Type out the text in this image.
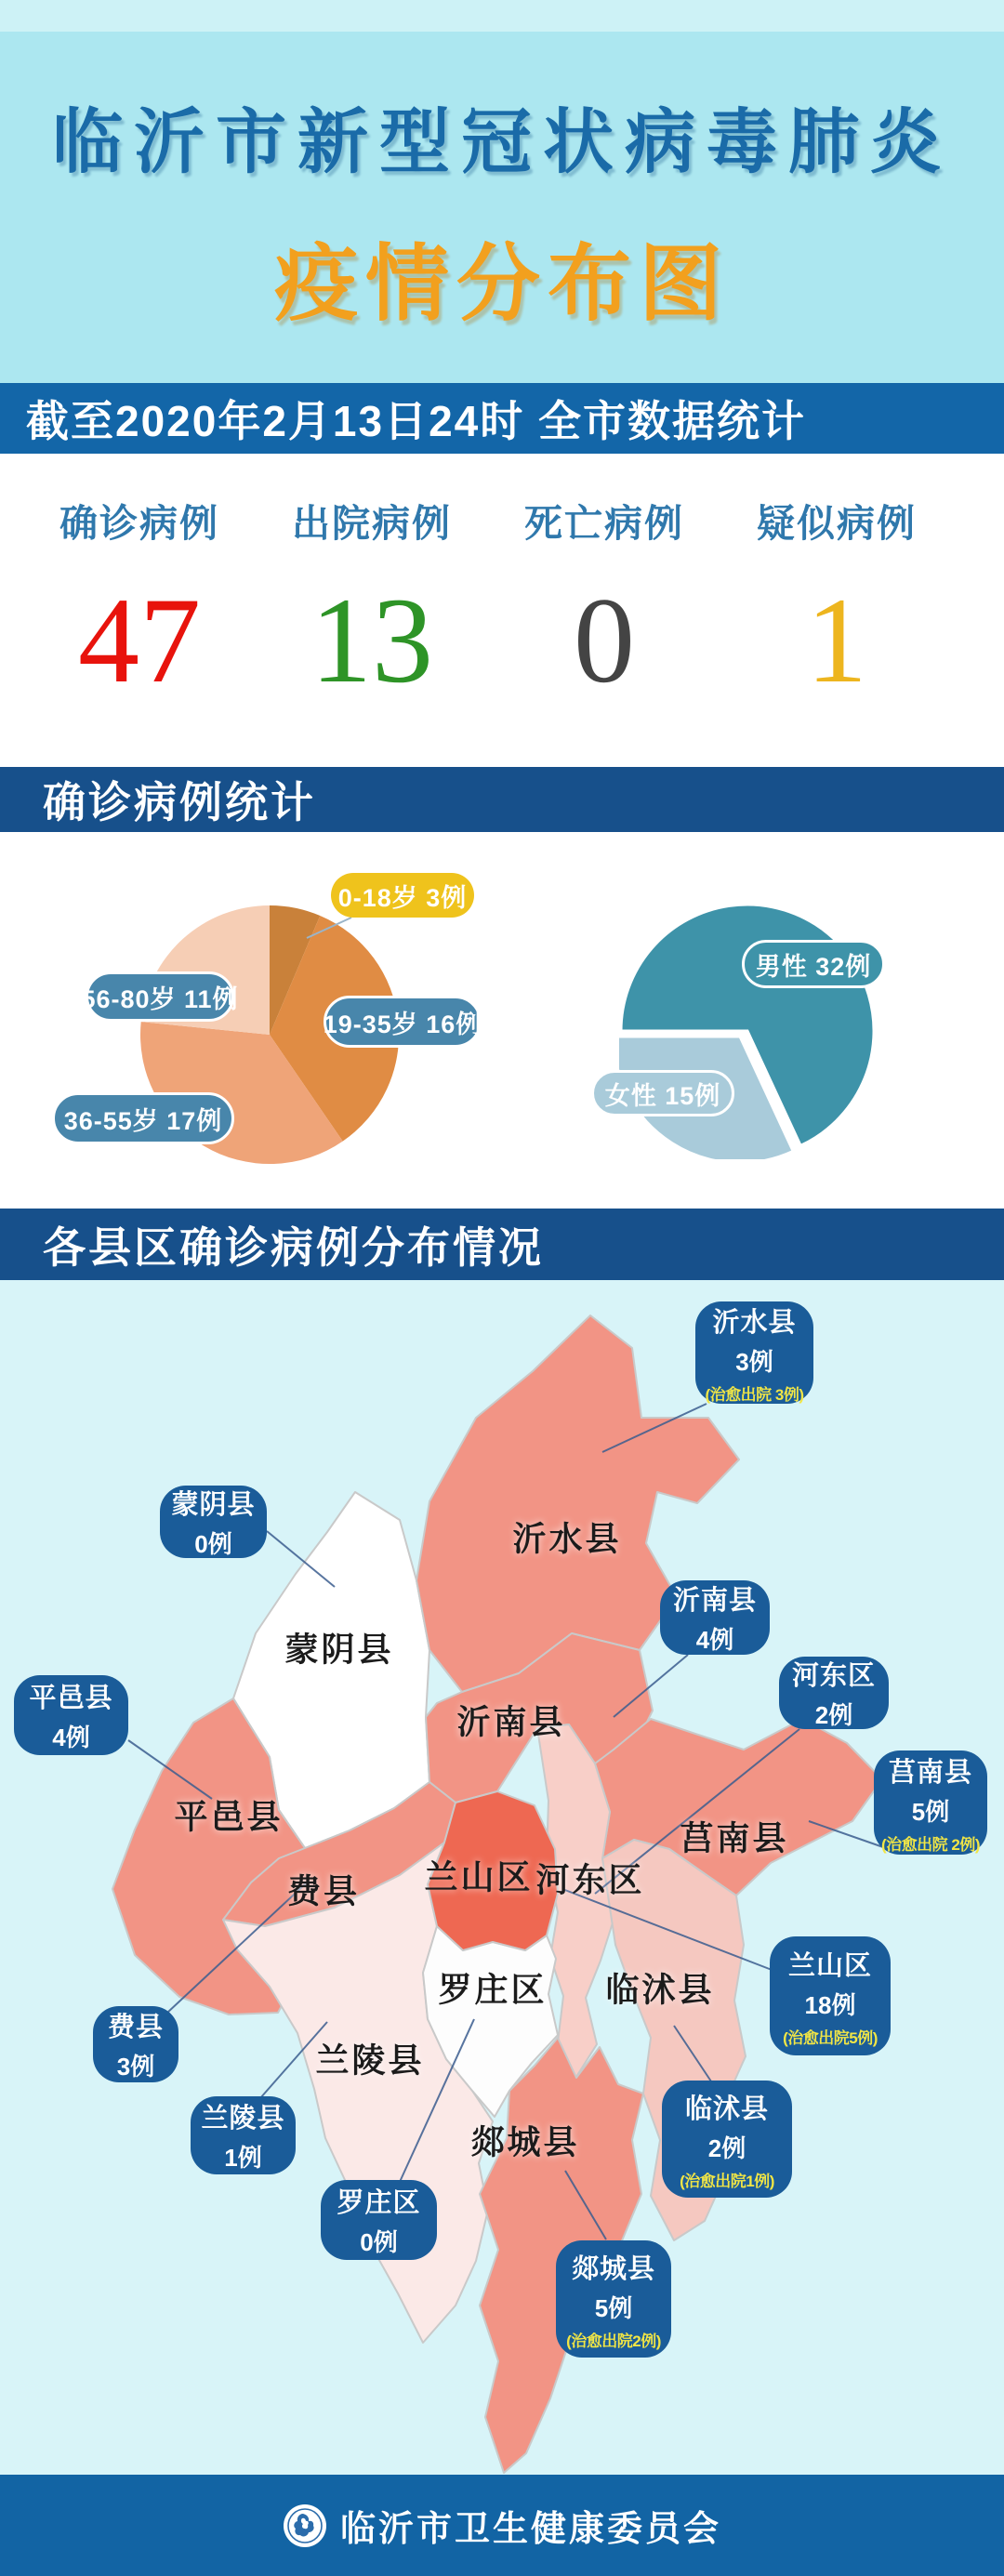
临沂市新型冠状病毒肺炎
疫情分布图
截至2020年2月13日24时 全市数据统计
确诊病例
47
出院病例
13
死亡病例
0
疑似病例
1
确诊病例统计
0-18岁 3例
56-80岁 11例
19-35岁 16例
36-55岁 17例
男性 32例
女性 15例
各县区确诊病例分布情况
沂水县
蒙阴县
沂南县
河东区
平邑县
莒南县
兰山区
费县
临沭县
兰陵县
罗庄区
郯城县
沂水县
3例
(治愈出院 3例)
蒙阴县
0例
沂南县
4例
河东区
2例
平邑县
4例
莒南县
5例
(治愈出院 2例)
兰山区
18例
(治愈出院5例)
费县
3例
临沭县
2例
(治愈出院1例)
兰陵县
1例
罗庄区
0例
郯城县
5例
(治愈出院2例)
临沂市卫生健康委员会
